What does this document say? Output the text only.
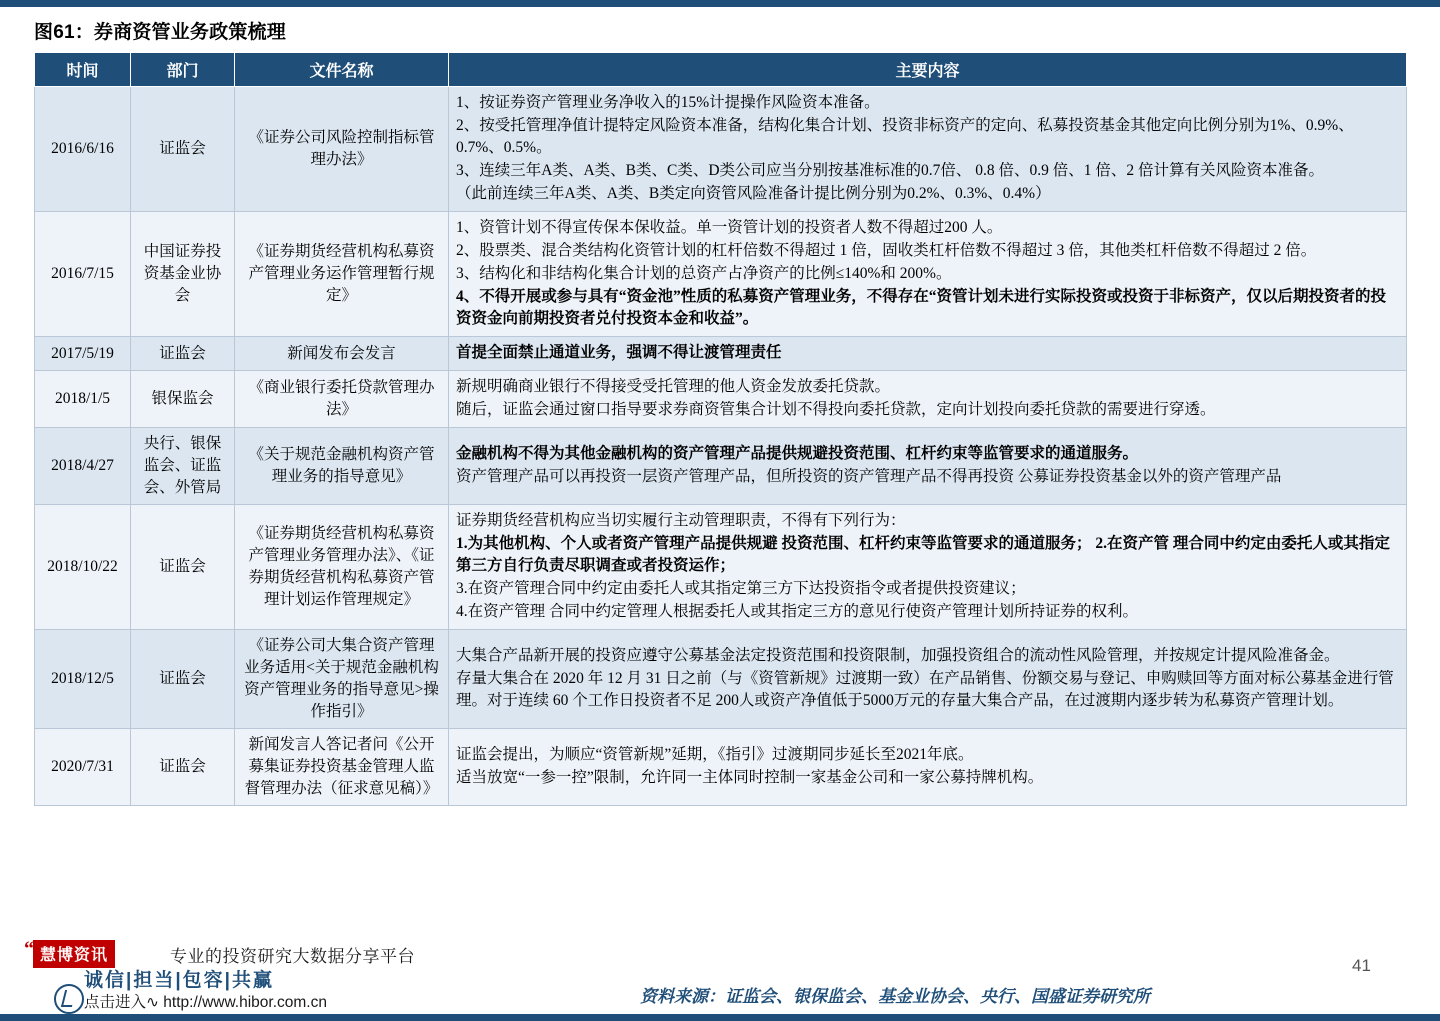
图61：券商资管业务政策梳理
时间	部门	文件名称	主要内容
2016/6/16	证监会	《证券公司风险控制指标管理办法》	1、按证券资产管理业务净收入的15%计提操作风险资本准备。

2、按受托管理净值计提特定风险资本准备，结构化集合计划、投资非标资产的定向、私募投资基金其他定向比例分别为1%、0.9%、0.7%、0.5%。

3、连续三年A类、A类、B类、C类、D类公司应当分别按基准标准的0.7倍、 0.8 倍、0.9 倍、1 倍、2 倍计算有关风险资本准备。

（此前连续三年A类、A类、B类定向资管风险准备计提比例分别为0.2%、0.3%、0.4%）

2016/7/15	中国证券投资基金业协会	《证券期货经营机构私募资产管理业务运作管理暂行规定》	1、资管计划不得宣传保本保收益。单一资管计划的投资者人数不得超过200 人。

2、股票类、混合类结构化资管计划的杠杆倍数不得超过 1 倍，固收类杠杆倍数不得超过 3 倍，其他类杠杆倍数不得超过 2 倍。

3、结构化和非结构化集合计划的总资产占净资产的比例≤140%和 200%。

4、不得开展或参与具有“资金池”性质的私募资产管理业务，不得存在“资管计划未进行实际投资或投资于非标资产，仅以后期投资者的投资资金向前期投资者兑付投资本金和收益”。

2017/5/19	证监会	新闻发布会发言	首提全面禁止通道业务，强调不得让渡管理责任

2018/1/5	银保监会	《商业银行委托贷款管理办法》	新规明确商业银行不得接受受托管理的他人资金发放委托贷款。

随后，证监会通过窗口指导要求券商资管集合计划不得投向委托贷款，定向计划投向委托贷款的需要进行穿透。

2018/4/27	央行、银保监会、证监会、外管局	《关于规范金融机构资产管理业务的指导意见》	金融机构不得为其他金融机构的资产管理产品提供规避投资范围、杠杆约束等监管要求的通道服务。

资产管理产品可以再投资一层资产管理产品，但所投资的资产管理产品不得再投资 公募证券投资基金以外的资产管理产品

2018/10/22	证监会	《证券期货经营机构私募资产管理业务管理办法》、《证券期货经营机构私募资产管理计划运作管理规定》	证券期货经营机构应当切实履行主动管理职责，不得有下列行为：

1.为其他机构、个人或者资产管理产品提供规避 投资范围、杠杆约束等监管要求的通道服务； 2.在资产管 理合同中约定由委托人或其指定第三方自行负责尽职调查或者投资运作；

3.在资产管理合同中约定由委托人或其指定第三方下达投资指令或者提供投资建议；

4.在资产管理 合同中约定管理人根据委托人或其指定三方的意见行使资产管理计划所持证券的权利。

2018/12/5	证监会	《证券公司大集合资产管理业务适用<关于规范金融机构资产管理业务的指导意见>操作指引》	大集合产品新开展的投资应遵守公募基金法定投资范围和投资限制，加强投资组合的流动性风险管理，并按规定计提风险准备金。

存量大集合在 2020 年 12 月 31 日之前（与《资管新规》过渡期一致）在产品销售、份额交易与登记、申购赎回等方面对标公募基金进行管理。对于连续 60 个工作日投资者不足 200人或资产净值低于5000万元的存量大集合产品，在过渡期内逐步转为私募资产管理计划。

2020/7/31	证监会	新闻发言人答记者问《公开募集证券投资基金管理人监督管理办法（征求意见稿）》	证监会提出，为顺应“资管新规”延期，《指引》过渡期同步延长至2021年底。

适当放宽“一参一控”限制，允许同一主体同时控制一家基金公司和一家公募持牌机构。

慧博资讯
“	专业的投资研究大数据分享平台
诚信|担当|包容|共赢
点击进入∿ http://www.hibor.com.cn	资料来源：证监会、银保监会、基金业协会、央行、国盛证券研究所
41
